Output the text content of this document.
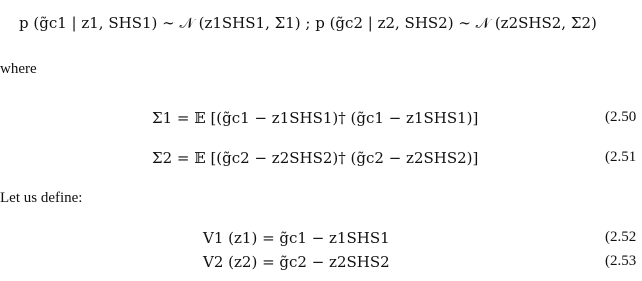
p (g̃c1 | z1, SHS1) ∼ 𝒩 (z1SHS1, Σ1) ; p (g̃c2 | z2, SHS2) ∼ 𝒩 (z2SHS2, Σ2)
where
Σ1 = 𝔼 [(g̃c1 − z1SHS1)† (g̃c1 − z1SHS1)]	(2.50
Σ2 = 𝔼 [(g̃c2 − z2SHS2)† (g̃c2 − z2SHS2)]	(2.51
Let us define:
V1 (z1) = g̃c1 − z1SHS1	(2.52
V2 (z2) = g̃c2 − z2SHS2	(2.53
